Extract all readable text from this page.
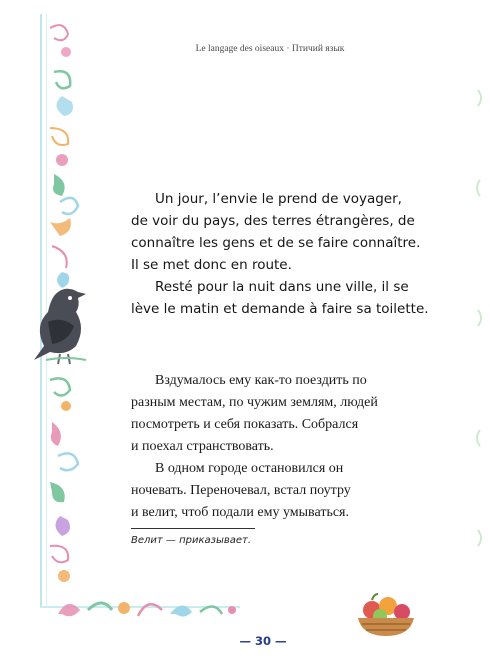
Le langage des oiseaux · Птичий язык

Un jour, l’envie le prend de voyager,

de voir du pays, des terres étrangères, de

connaître les gens et de se faire connaître.

Il se met donc en route.

Resté pour la nuit dans une ville, il se

lève le matin et demande à faire sa toilette.

Вздумалось ему как-то поездить по

разным местам, по чужим землям, людей

посмотреть и себя показать. Собрался

и поехал странствовать.

В одном городе остановился он

ночевать. Переночевал, встал поутру

и велит, чтоб подали ему умываться.

Велит — приказывает.
— 30 —
